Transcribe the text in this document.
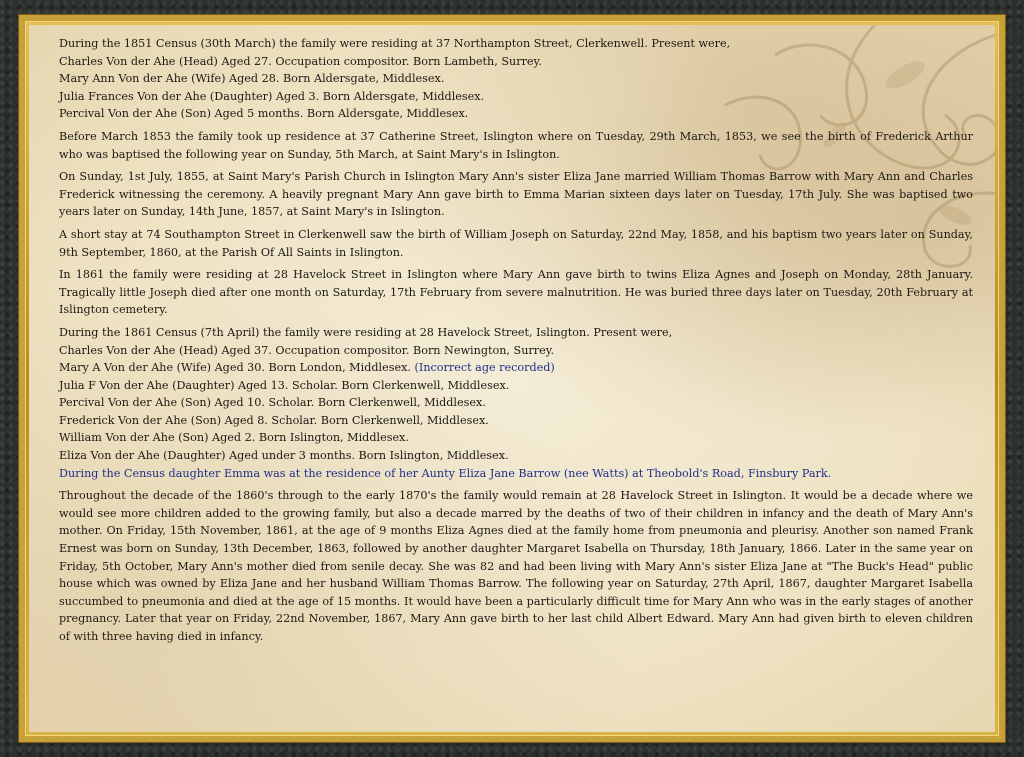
During the 1851 Census (30th March) the family were residing at 37 Northampton Street, Clerkenwell. Present were,
Charles Von der Ahe (Head) Aged 27. Occupation compositor. Born Lambeth, Surrey.
Mary Ann Von der Ahe (Wife) Aged 28. Born Aldersgate, Middlesex.
Julia Frances Von der Ahe (Daughter) Aged 3. Born Aldersgate, Middlesex.
Percival Von der Ahe (Son) Aged 5 months. Born Aldersgate, Middlesex.

Before March 1853 the family took up residence at 37 Catherine Street, Islington where on Tuesday, 29th March, 1853, we see the birth of Frederick Arthur who was baptised the following year on Sunday, 5th March, at Saint Mary's in Islington.

On Sunday, 1st July, 1855, at Saint Mary's Parish Church in Islington Mary Ann's sister Eliza Jane married William Thomas Barrow with Mary Ann and Charles Frederick witnessing the ceremony. A heavily pregnant Mary Ann gave birth to Emma Marian sixteen days later on Tuesday, 17th July. She was baptised two years later on Sunday, 14th June, 1857, at Saint Mary's in Islington.

A short stay at 74 Southampton Street in Clerkenwell saw the birth of William Joseph on Saturday, 22nd May, 1858, and his baptism two years later on Sunday, 9th September, 1860, at the Parish Of All Saints in Islington.

In 1861 the family were residing at 28 Havelock Street in Islington where Mary Ann gave birth to twins Eliza Agnes and Joseph on Monday, 28th January. Tragically little Joseph died after one month on Saturday, 17th February from severe malnutrition. He was buried three days later on Tuesday, 20th February at Islington cemetery.

During the 1861 Census (7th April) the family were residing at 28 Havelock Street, Islington. Present were,
Charles Von der Ahe (Head) Aged 37. Occupation compositor. Born Newington, Surrey.
Mary A Von der Ahe (Wife) Aged 30. Born London, Middlesex. (Incorrect age recorded)
Julia F Von der Ahe (Daughter) Aged 13. Scholar. Born Clerkenwell, Middlesex.
Percival Von der Ahe (Son) Aged 10. Scholar. Born Clerkenwell, Middlesex.
Frederick Von der Ahe (Son) Aged 8. Scholar. Born Clerkenwell, Middlesex.
William Von der Ahe (Son) Aged 2. Born Islington, Middlesex.
Eliza Von der Ahe (Daughter) Aged under 3 months. Born Islington, Middlesex.
During the Census daughter Emma was at the residence of her Aunty Eliza Jane Barrow (nee Watts) at Theobold's Road, Finsbury Park.

Throughout the decade of the 1860's through to the early 1870's the family would remain at 28 Havelock Street in Islington. It would be a decade where we would see more children added to the growing family, but also a decade marred by the deaths of two of their children in infancy and the death of Mary Ann's mother. On Friday, 15th November, 1861, at the age of 9 months Eliza Agnes died at the family home from pneumonia and pleurisy. Another son named Frank Ernest was born on Sunday, 13th December, 1863, followed by another daughter Margaret Isabella on Thursday, 18th January, 1866. Later in the same year on Friday, 5th October, Mary Ann's mother died from senile decay. She was 82 and had been living with Mary Ann's sister Eliza Jane at "The Buck's Head" public house which was owned by Eliza Jane and her husband William Thomas Barrow. The following year on Saturday, 27th April, 1867, daughter Margaret Isabella succumbed to pneumonia and died at the age of 15 months. It would have been a particularly difficult time for Mary Ann who was in the early stages of another pregnancy. Later that year on Friday, 22nd November, 1867, Mary Ann gave birth to her last child Albert Edward. Mary Ann had given birth to eleven children of with three having died in infancy.
